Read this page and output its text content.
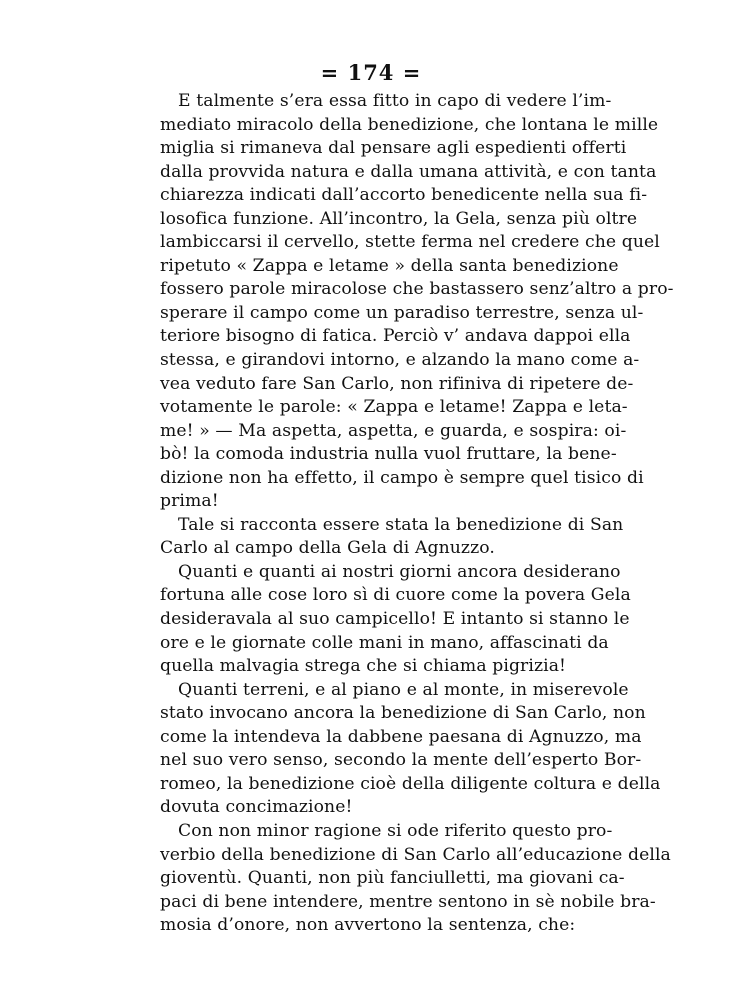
= 174 =
E talmente s’era essa fitto in capo di vedere l’im-
mediato miracolo della benedizione, che lontana le mille
miglia si rimaneva dal pensare agli espedienti offerti
dalla provvida natura e dalla umana attività, e con tanta
chiarezza indicati dall’accorto benedicente nella sua fi-
losofica funzione. All’incontro, la Gela, senza più oltre
lambiccarsi il cervello, stette ferma nel credere che quel
ripetuto « Zappa e letame » della santa benedizione
fossero parole miracolose che bastassero senz’altro a pro-
sperare il campo come un paradiso terrestre, senza ul-
teriore bisogno di fatica. Perciò v’ andava dappoi ella
stessa, e girandovi intorno, e alzando la mano come a-
vea veduto fare San Carlo, non rifiniva di ripetere de-
votamente le parole: « Zappa e letame! Zappa e leta-
me! » — Ma aspetta, aspetta, e guarda, e sospira: oi-
bò! la comoda industria nulla vuol fruttare, la bene-
dizione non ha effetto, il campo è sempre quel tisico di
prima!
Tale si racconta essere stata la benedizione di San
Carlo al campo della Gela di Agnuzzo.
Quanti e quanti ai nostri giorni ancora desiderano
fortuna alle cose loro sì di cuore come la povera Gela
desideravala al suo campicello! E intanto si stanno le
ore e le giornate colle mani in mano, affascinati da
quella malvagia strega che si chiama pigrizia!
Quanti terreni, e al piano e al monte, in miserevole
stato invocano ancora la benedizione di San Carlo, non
come la intendeva la dabbene paesana di Agnuzzo, ma
nel suo vero senso, secondo la mente dell’esperto Bor-
romeo, la benedizione cioè della diligente coltura e della
dovuta concimazione!
Con non minor ragione si ode riferito questo pro-
verbio della benedizione di San Carlo all’educazione della
gioventù. Quanti, non più fanciulletti, ma giovani ca-
paci di bene intendere, mentre sentono in sè nobile bra-
mosia d’onore, non avvertono la sentenza, che:
